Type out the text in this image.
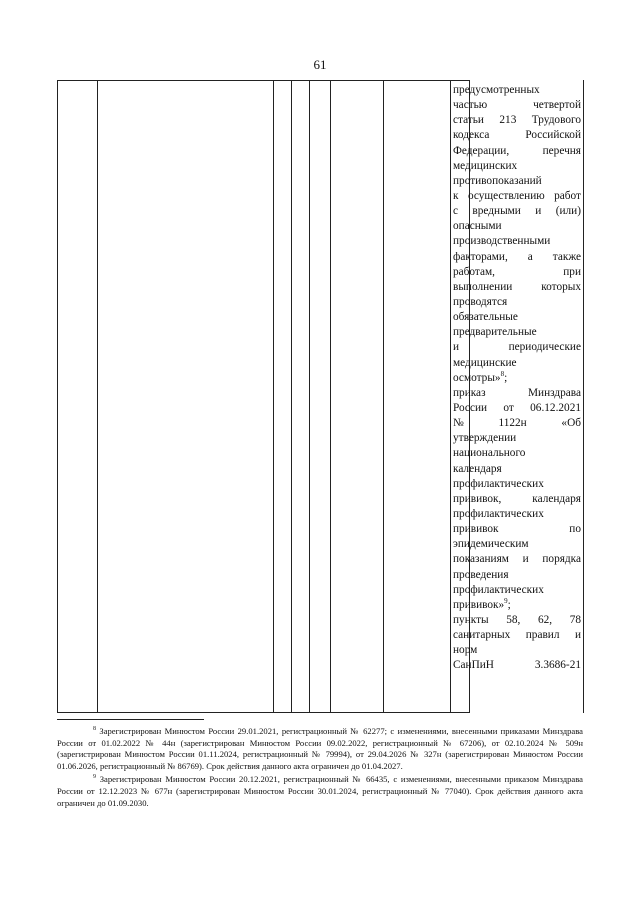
61
предусмотренных
частью	четвертой
статьи 213 Трудового
кодекса	Российской
Федерации,	перечня
медицинских
противопоказаний
к осуществлению работ
с вредными и (или)
опасными
производственными
факторами, а также
работам,	при
выполнении	которых
проводятся
обязательные
предварительные
и	периодические
медицинские
осмотры»$^8$;
приказ	Минздрава
России от 06.12.2021
№	1122н	«Об
утверждении
национального
календаря
профилактических
прививок,	календаря
профилактических
прививок	по
эпидемическим
показаниям и порядка
проведения
профилактических
прививок»$^9$;
пункты 58, 62, 78
санитарных правил и
норм
СанПиН	3.3686-21

$^8$ Зарегистрирован Минюстом России 29.01.2021, регистрационный № 62277; с изменениями, внесенными приказами Минздрава России от 01.02.2022 № 44н (зарегистрирован Минюстом России 09.02.2022, регистрационный № 67206), от 02.10.2024 № 509н (зарегистрирован Минюстом России 01.11.2024, регистрационный № 79994), от 29.04.2026 № 327н (зарегистрирован Минюстом России 01.06.2026, регистрационный № 86769). Срок действия данного акта ограничен до 01.04.2027.

$^9$ Зарегистрирован Минюстом России 20.12.2021, регистрационный № 66435, с изменениями, внесенными приказом Минздрава России от 12.12.2023 № 677н (зарегистрирован Минюстом России 30.01.2024, регистрационный № 77040). Срок действия данного акта ограничен до 01.09.2030.
